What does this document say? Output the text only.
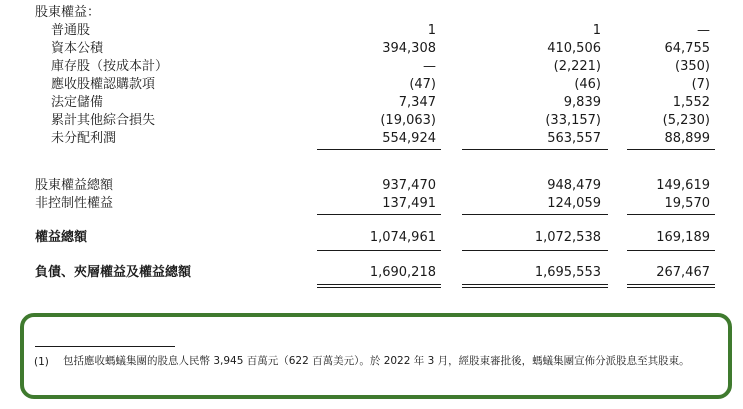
股東權益：
普通股	1	1	—
資本公積	394,308	410,506	64,755
庫存股（按成本計）	—	(2,221)	(350)
應收股權認購款項	(47)	(46)	(7)
法定儲備	7,347	9,839	1,552
累計其他綜合損失	(19,063)	(33,157)	(5,230)
未分配利潤	554,924	563,557	88,899
股東權益總額	937,470	948,479	149,619
非控制性權益	137,491	124,059	19,570
權益總額	1,074,961	1,072,538	169,189
負債、夾層權益及權益總額	1,690,218	1,695,553	267,467
(1) 包括應收螞蟻集團的股息人民幣 3,945 百萬元（622 百萬美元）。於 2022 年 3 月，經股東審批後，螞蟻集團宣佈分派股息至其股東。
